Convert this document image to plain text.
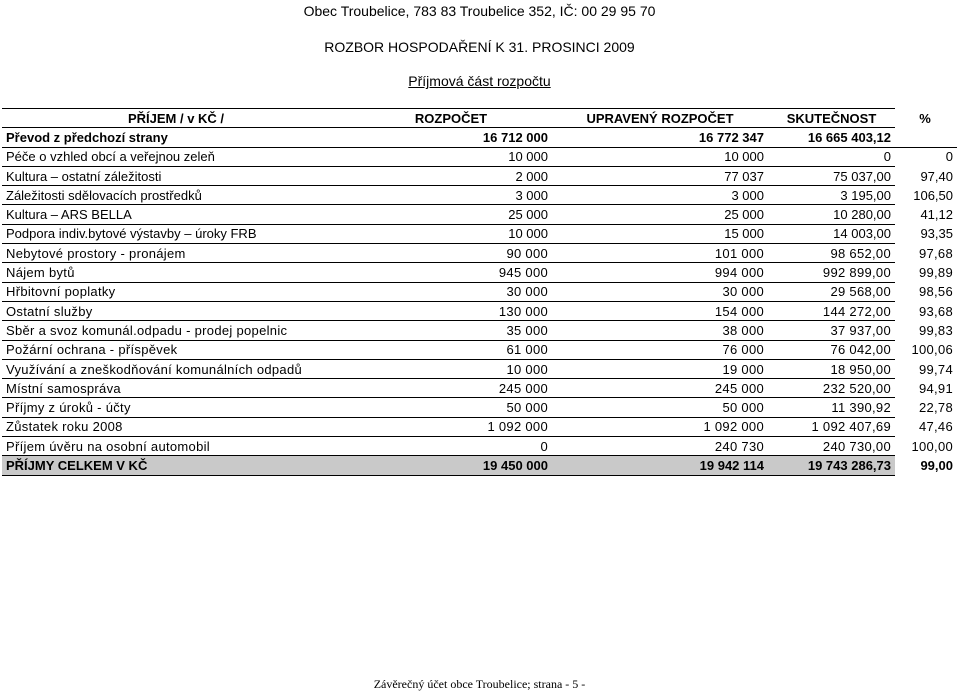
Obec Troubelice, 783 83 Troubelice 352, IČ: 00 29 95 70
ROZBOR HOSPODAŘENÍ K 31. PROSINCI 2009
Příjmová část rozpočtu
PŘÍJEM / v KČ /	ROZPOČET	UPRAVENÝ ROZPOČET	SKUTEČNOST	%
Převod z předchozí strany	16 712 000	16 772 347	16 665 403,12	
Péče o vzhled obcí a veřejnou zeleň	10 000	10 000	0	0
Kultura – ostatní záležitosti	2 000	77 037	75 037,00	97,40
Záležitosti sdělovacích prostředků	3 000	3 000	3 195,00	106,50
Kultura – ARS BELLA	25 000	25 000	10 280,00	41,12
Podpora indiv.bytové výstavby – úroky FRB	10 000	15 000	14 003,00	93,35
Nebytové prostory - pronájem	90 000	101 000	98 652,00	97,68
Nájem bytů	945 000	994 000	992 899,00	99,89
Hřbitovní poplatky	30 000	30 000	29 568,00	98,56
Ostatní služby	130 000	154 000	144 272,00	93,68
Sběr a svoz komunál.odpadu - prodej popelnic	35 000	38 000	37 937,00	99,83
Požární ochrana - příspěvek	61 000	76 000	76 042,00	100,06
Využívání a zneškodňování komunálních odpadů	10 000	19 000	18 950,00	99,74
Místní samospráva	245 000	245 000	232 520,00	94,91
Příjmy z úroků - účty	50 000	50 000	11 390,92	22,78
Zůstatek roku 2008	1 092 000	1 092 000	1 092 407,69	47,46
Příjem úvěru na osobní automobil	0	240 730	240 730,00	100,00
PŘÍJMY CELKEM V KČ	19 450 000	19 942 114	19 743 286,73	99,00
Závěrečný účet obce Troubelice; strana - 5 -
